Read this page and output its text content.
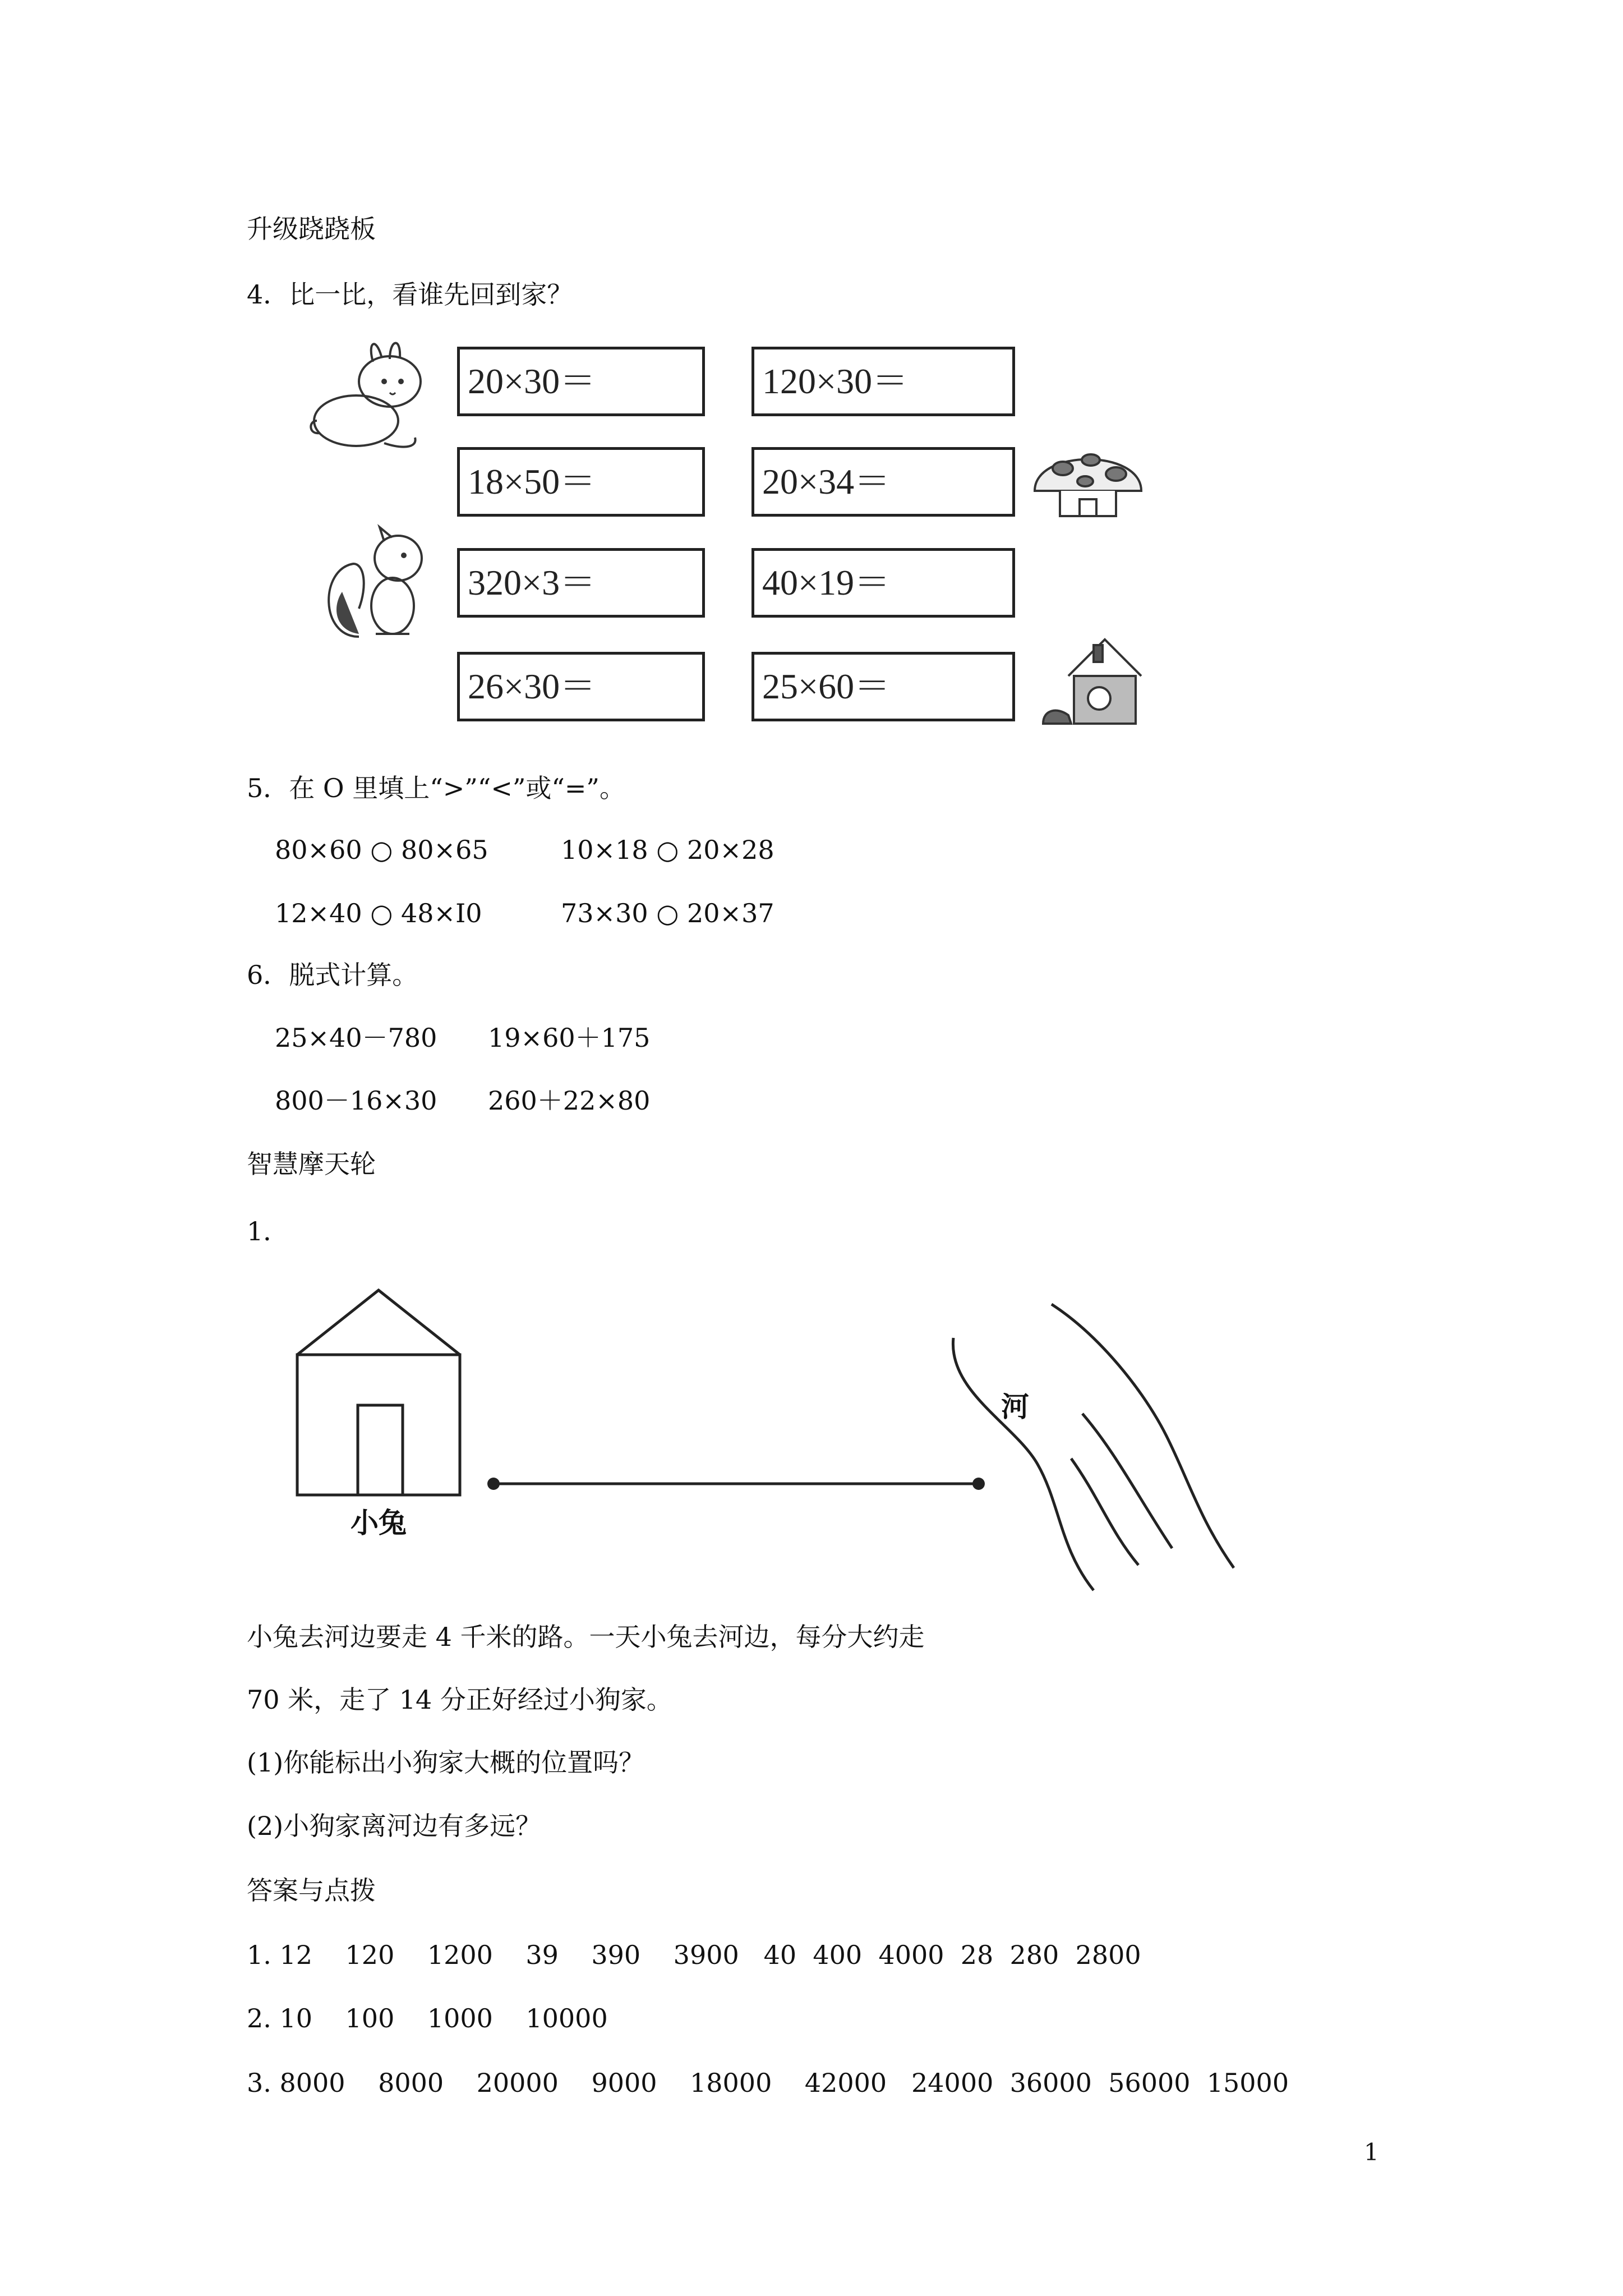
升级跷跷板
4．比一比，看谁先回到家？
20×30＝
18×50＝
320×3＝
26×30＝
120×30＝
20×34＝
40×19＝
25×60＝
5．在 O 里填上“>”“<”或“=”。
80×60 ○ 80×65	10×18 ○ 20×28
12×40 ○ 48×I0	73×30 ○ 20×37
6．脱式计算。
25×40－780 19×60＋175
800－16×30 260＋22×80
智慧摩天轮
1．
小兔
河
小兔去河边要走 4 千米的路。一天小兔去河边，每分大约走
70 米，走了 14 分正好经过小狗家。
(1)你能标出小狗家大概的位置吗？
(2)小狗家离河边有多远？
答案与点拨
1. 12    120    1200    39    390    3900   40  400  4000  28  280  2800
2. 10    100    1000    10000
3. 8000    8000    20000    9000    18000    42000   24000  36000  56000  15000
1
